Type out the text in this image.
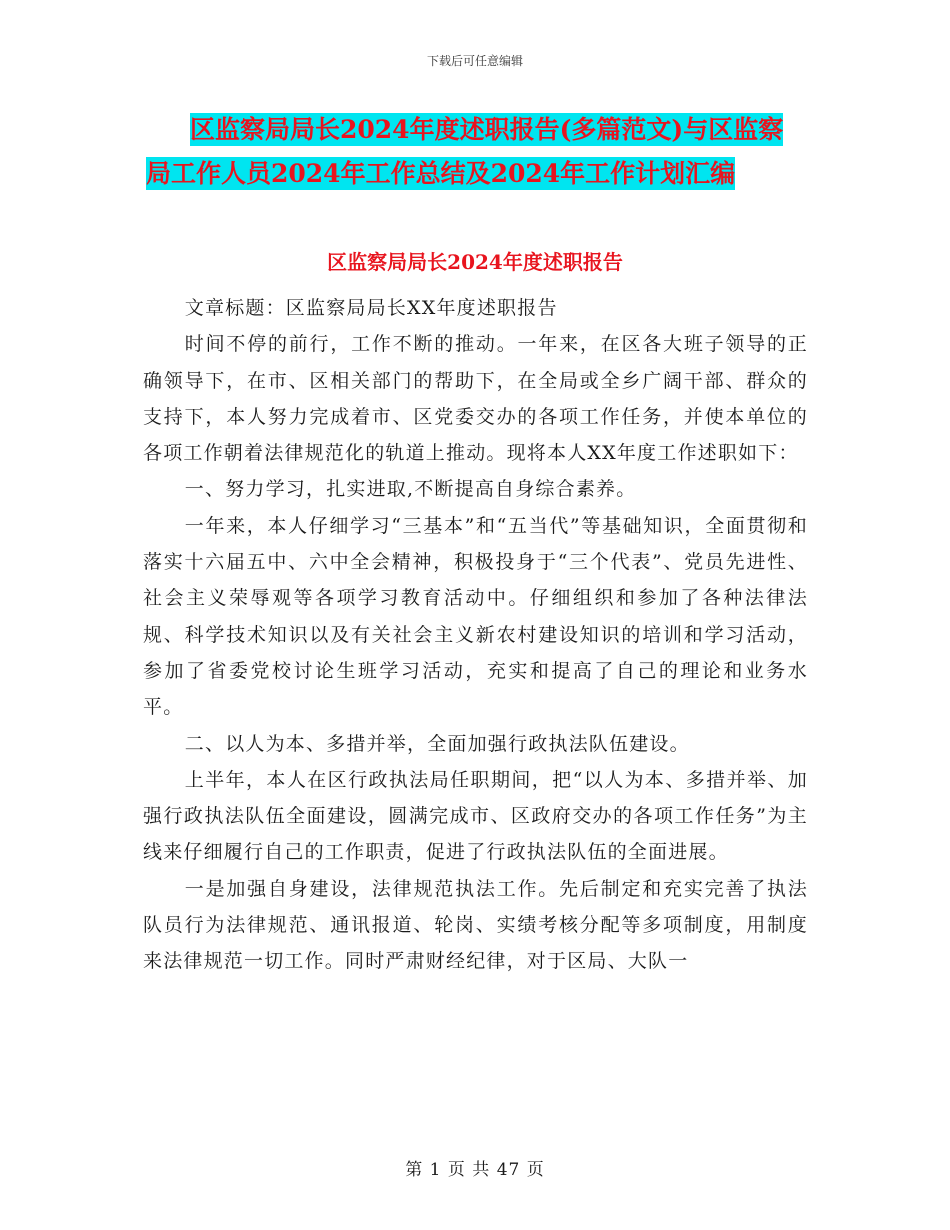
下载后可任意编辑
区监察局局长2024年度述职报告(多篇范文)与区监察
局工作人员2024年工作总结及2024年工作计划汇编
区监察局局长2024年度述职报告

文章标题：区监察局局长XX年度述职报告

时间不停的前行，工作不断的推动。一年来，在区各大班子领导的正确领导下，在市、区相关部门的帮助下，在全局或全乡广阔干部、群众的支持下，本人努力完成着市、区党委交办的各项工作任务，并使本单位的各项工作朝着法律规范化的轨道上推动。现将本人XX年度工作述职如下：

一、努力学习，扎实进取,不断提高自身综合素养。

一年来，本人仔细学习“三基本”和“五当代”等基础知识，全面贯彻和落实十六届五中、六中全会精神，积极投身于“三个代表”、党员先进性、社会主义荣辱观等各项学习教育活动中。仔细组织和参加了各种法律法规、科学技术知识以及有关社会主义新农村建设知识的培训和学习活动，参加了省委党校讨论生班学习活动，充实和提高了自己的理论和业务水平。

二、以人为本、多措并举，全面加强行政执法队伍建设。

上半年，本人在区行政执法局任职期间，把“以人为本、多措并举、加强行政执法队伍全面建设，圆满完成市、区政府交办的各项工作任务”为主线来仔细履行自己的工作职责，促进了行政执法队伍的全面进展。

一是加强自身建设，法律规范执法工作。先后制定和充实完善了执法队员行为法律规范、通讯报道、轮岗、实绩考核分配等多项制度，用制度来法律规范一切工作。同时严肃财经纪律，对于区局、大队一

第 1 页 共 47 页
